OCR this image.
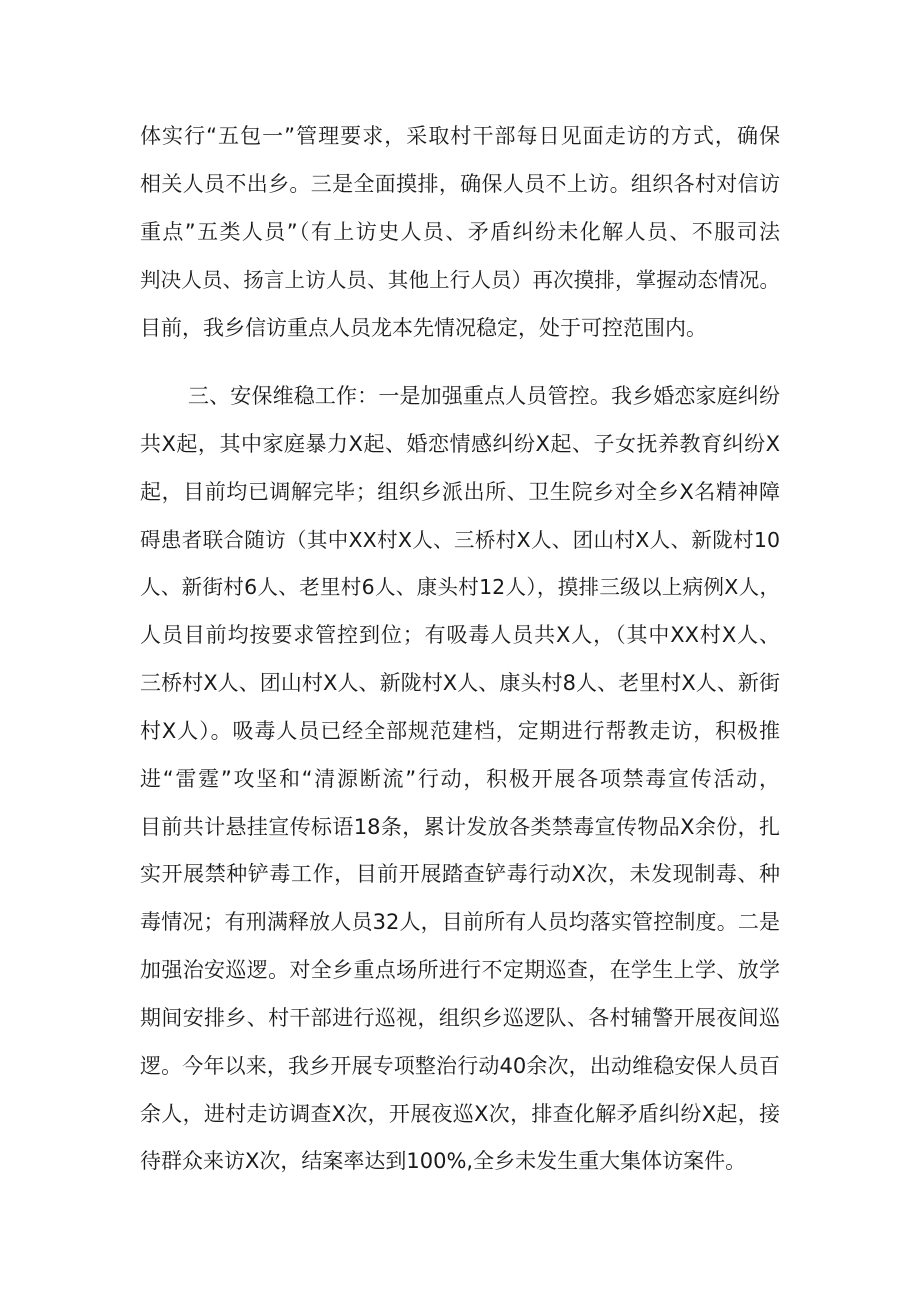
体实行“五包一”管理要求，采取村干部每日见面走访的方式，确保
相关人员不出乡。三是全面摸排，确保人员不上访。组织各村对信访
重点”五类人员”（有上访史人员、矛盾纠纷未化解人员、不服司法
判决人员、扬言上访人员、其他上行人员）再次摸排，掌握动态情况。
目前，我乡信访重点人员龙本先情况稳定，处于可控范围内。
三、安保维稳工作：一是加强重点人员管控。我乡婚恋家庭纠纷
共X起，其中家庭暴力X起、婚恋情感纠纷X起、子女抚养教育纠纷X
起，目前均已调解完毕；组织乡派出所、卫生院乡对全乡X名精神障
碍患者联合随访（其中XX村X人、三桥村X人、团山村X人、新陇村10
人、新街村6人、老里村6人、康头村12人），摸排三级以上病例X人，
人员目前均按要求管控到位；有吸毒人员共X人，（其中XX村X人、
三桥村X人、团山村X人、新陇村X人、康头村8人、老里村X人、新街
村X人）。吸毒人员已经全部规范建档，定期进行帮教走访，积极推
进“雷霆”攻坚和“清源断流”行动，积极开展各项禁毒宣传活动，
目前共计悬挂宣传标语18条，累计发放各类禁毒宣传物品X余份，扎
实开展禁种铲毒工作，目前开展踏查铲毒行动X次，未发现制毒、种
毒情况；有刑满释放人员32人，目前所有人员均落实管控制度。二是
加强治安巡逻。对全乡重点场所进行不定期巡查，在学生上学、放学
期间安排乡、村干部进行巡视，组织乡巡逻队、各村辅警开展夜间巡
逻。今年以来，我乡开展专项整治行动40余次，出动维稳安保人员百
余人，进村走访调查X次，开展夜巡X次，排查化解矛盾纠纷X起，接
待群众来访X次，结案率达到100%,全乡未发生重大集体访案件。
